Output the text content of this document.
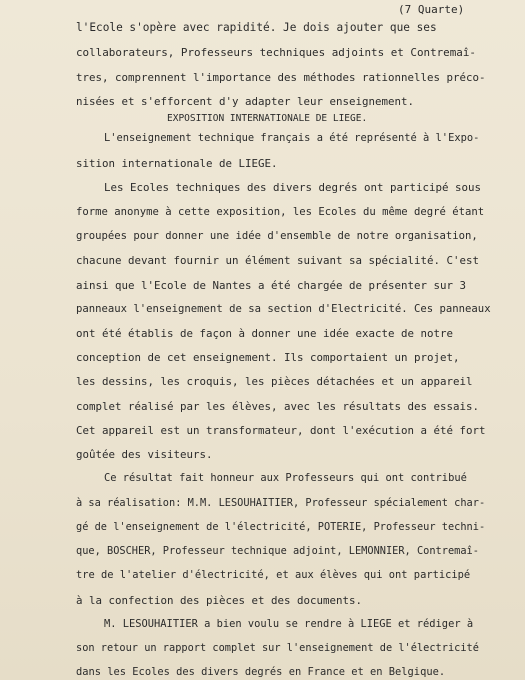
(7 Quarte)
l'Ecole s'opère avec rapidité. Je dois ajouter que ses
collaborateurs, Professeurs techniques adjoints et Contremaî-
tres, comprennent l'importance des méthodes rationnelles préco-
nisées et s'efforcent d'y adapter leur enseignement.
EXPOSITION INTERNATIONALE DE LIEGE.
L'enseignement technique français a été représenté à l'Expo-
sition internationale de LIEGE.
Les Ecoles techniques des divers degrés ont participé sous
forme anonyme à cette exposition, les Ecoles du même degré étant
groupées pour donner une idée d'ensemble de notre organisation,
chacune devant fournir un élément suivant sa spécialité. C'est
ainsi que l'Ecole de Nantes a été chargée de présenter sur 3
panneaux l'enseignement de sa section d'Electricité. Ces panneaux
ont été établis de façon à donner une idée exacte de notre
conception de cet enseignement. Ils comportaient un projet,
les dessins, les croquis, les pièces détachées et un appareil
complet réalisé par les élèves, avec les résultats des essais.
Cet appareil est un transformateur, dont l'exécution a été fort
goûtée des visiteurs.
Ce résultat fait honneur aux Professeurs qui ont contribué
à sa réalisation: M.M. LESOUHAITIER, Professeur spécialement char-
gé de l'enseignement de l'électricité, POTERIE, Professeur techni-
que, BOSCHER, Professeur technique adjoint, LEMONNIER, Contremaî-
tre de l'atelier d'électricité, et aux élèves qui ont participé
à la confection des pièces et des documents.
M. LESOUHAITIER a bien voulu se rendre à LIEGE et rédiger à
son retour un rapport complet sur l'enseignement de l'électricité
dans les Ecoles des divers degrés en France et en Belgique.
